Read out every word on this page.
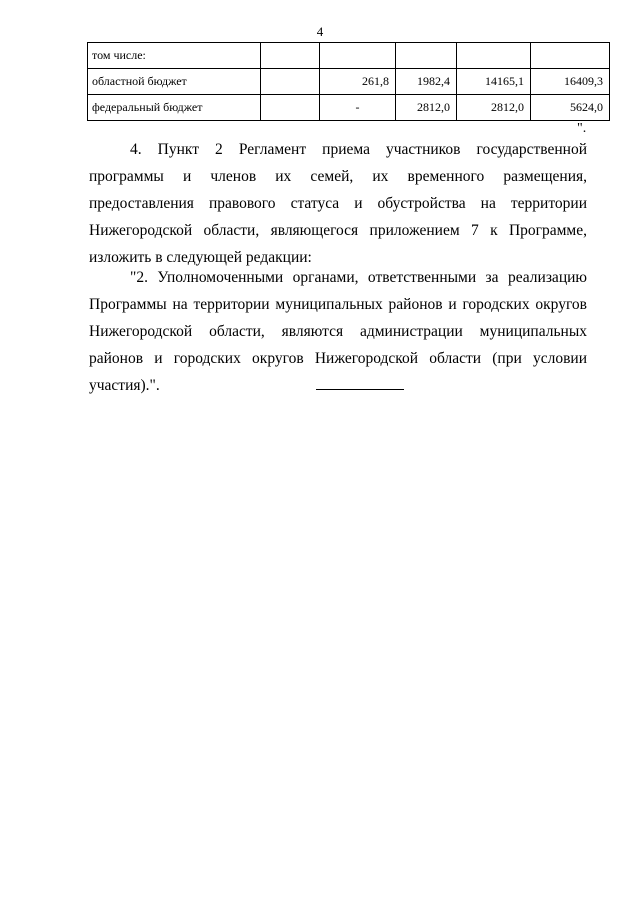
4
том числе:					
областной бюджет		261,8	1982,4	14165,1	16409,3
федеральный бюджет		-	2812,0	2812,0	5624,0
".

4. Пункт 2 Регламент приема участников государственной программы и членов их семей, их временного размещения, предоставления правового статуса и обустройства на территории Нижегородской области, являющегося приложением 7 к Программе, изложить в следующей редакции:

"2. Уполномоченными органами, ответственными за реализацию Программы на территории муниципальных районов и городских округов Нижегородской области, являются администрации муниципальных районов и городских округов Нижегородской области (при условии участия).".
